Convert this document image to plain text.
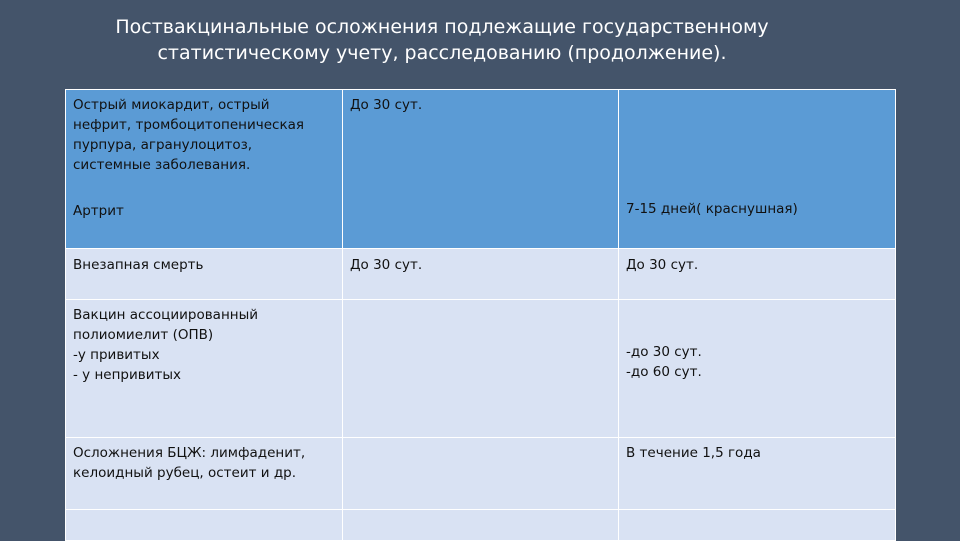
Поствакцинальные осложнения подлежащие государственному
статистическому учету, расследованию (продолжение).
Острый миокардит, острый
нефрит, тромбоцитопеническая
пурпура, агранулоцитоз,
системные заболевания.
Артрит	До 30 сут.	7-15 дней( краснушная)

Внезапная смерть	До 30 сут.	До 30 сут.

Вакцин ассоциированный
полиомиелит (ОПВ)
-у привитых
- у непривитых		-до 30 сут.
-до 60 сут.

Осложнения БЦЖ: лимфаденит,
келоидный рубец, остеит и др.		В течение 1,5 года
